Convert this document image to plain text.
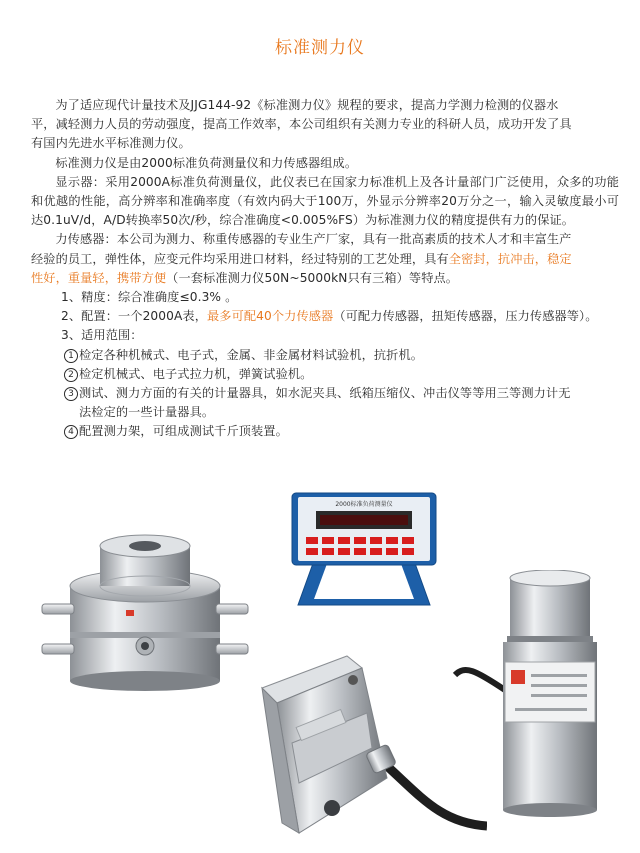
标准测力仪

为了适应现代计量技术及JJG144-92《标准测力仪》规程的要求，提高力学测力检测的仪器水

平，减轻测力人员的劳动强度，提高工作效率，本公司组织有关测力专业的科研人员，成功开发了具

有国内先进水平标准测力仪。

标准测力仪是由2000标准负荷测量仪和力传感器组成。

显示器：采用2000A标准负荷测量仪，此仪表已在国家力标准机上及各计量部门广泛使用，众多的功能和优越的性能，高分辨率和准确率度（有效内码大于100万，外显示分辨率20万分之一，输入灵敏度最小可达0.1uV/d，A/D转换率50次/秒，综合准确度<0.005%FS）为标准测力仪的精度提供有力的保证。

力传感器：本公司为测力、称重传感器的专业生产厂家，具有一批高素质的技术人才和丰富生产

经验的员工，弹性体，应变元件均采用进口材料，经过特别的工艺处理，具有全密封，抗冲击，稳定

性好，重量轻，携带方便（一套标准测力仪50N~5000kN只有三箱）等特点。

1、精度：综合准确度≤0.3% 。

2、配置：一个2000A表，最多可配40个力传感器（可配力传感器，扭矩传感器，压力传感器等）。

3、适用范围：

1 检定各种机械式、电子式，金属、非金属材料试验机，抗折机。

2 检定机械式、电子式拉力机，弹簧试验机。

3 测试、测力方面的有关的计量器具，如水泥夹具、纸箱压缩仪、冲击仪等等用三等测力计无

法检定的一些计量器具。

4 配置测力架，可组成测试千斤顶装置。

2000标准负荷测量仪
